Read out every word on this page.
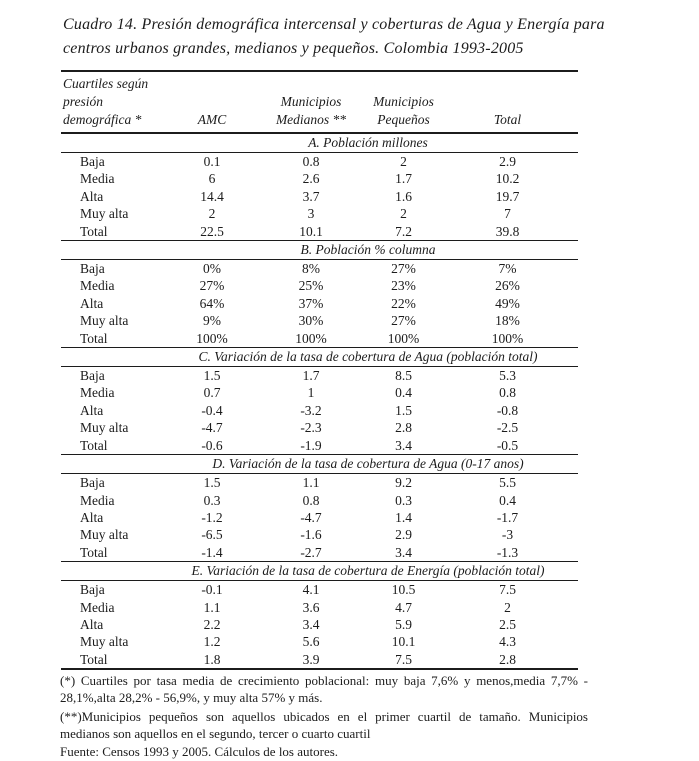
Cuadro 14. Presión demográfica intercensal y coberturas de Agua y Energía para centros urbanos grandes, medianos y pequeños. Colombia 1993-2005

Cuartiles según presión demográfica *	AMC	Municipios Medianos **	Municipios Pequeños	Total
	A. Población millones			
Baja	0.1	0.8	2	2.9
Media	6	2.6	1.7	10.2
Alta	14.4	3.7	1.6	19.7
Muy alta	2	3	2	7
Total	22.5	10.1	7.2	39.8
	B. Población % columna			
Baja	0%	8%	27%	7%
Media	27%	25%	23%	26%
Alta	64%	37%	22%	49%
Muy alta	9%	30%	27%	18%
Total	100%	100%	100%	100%
	C. Variación de la tasa de cobertura de Agua (población total)			
Baja	1.5	1.7	8.5	5.3
Media	0.7	1	0.4	0.8
Alta	-0.4	-3.2	1.5	-0.8
Muy alta	-4.7	-2.3	2.8	-2.5
Total	-0.6	-1.9	3.4	-0.5
	D. Variación de la tasa de cobertura de Agua (0-17 anos)			
Baja	1.5	1.1	9.2	5.5
Media	0.3	0.8	0.3	0.4
Alta	-1.2	-4.7	1.4	-1.7
Muy alta	-6.5	-1.6	2.9	-3
Total	-1.4	-2.7	3.4	-1.3
	E. Variación de la tasa de cobertura de Energía (población total)			
Baja	-0.1	4.1	10.5	7.5
Media	1.1	3.6	4.7	2
Alta	2.2	3.4	5.9	2.5
Muy alta	1.2	5.6	10.1	4.3
Total	1.8	3.9	7.5	2.8

(*) Cuartiles por tasa media de crecimiento poblacional: muy baja 7,6% y menos,media 7,7% - 28,1%,alta 28,2% - 56,9%, y muy alta 57% y más.

(**)Municipios pequeños son aquellos ubicados en el primer cuartil de tamaño. Municipios medianos son aquellos en el segundo, tercer o cuarto cuartil

Fuente: Censos 1993 y 2005. Cálculos de los autores.
